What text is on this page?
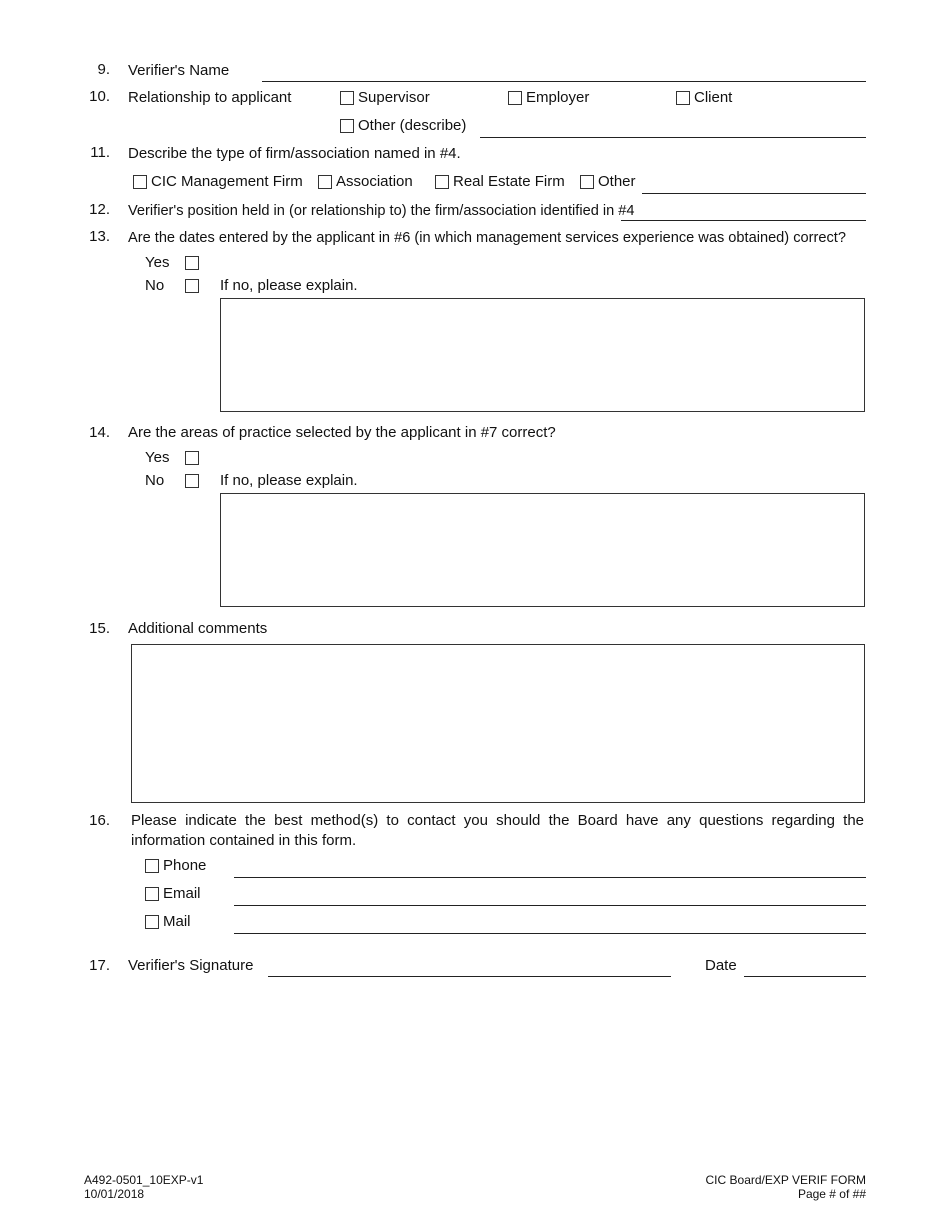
9. Verifier's Name
10. Relationship to applicant	Supervisor	Employer	Client
Other (describe)
11. Describe the type of firm/association named in #4.
CIC Management Firm Association	Real Estate Firm Other
12. Verifier's position held in (or relationship to) the firm/association identified in #4
13. Are the dates entered by the applicant in #6 (in which management services experience was obtained) correct?
Yes
No	If no, please explain.
14. Are the areas of practice selected by the applicant in #7 correct?
Yes
No	If no, please explain.
15. Additional comments
16. Please indicate the best method(s) to contact you should the Board have any questions regarding the information contained in this form.
Phone
Email
Mail
17. Verifier's Signature	Date
A492-0501_10EXP-v1
10/01/2018
CIC Board/EXP VERIF FORM
Page # of ##
